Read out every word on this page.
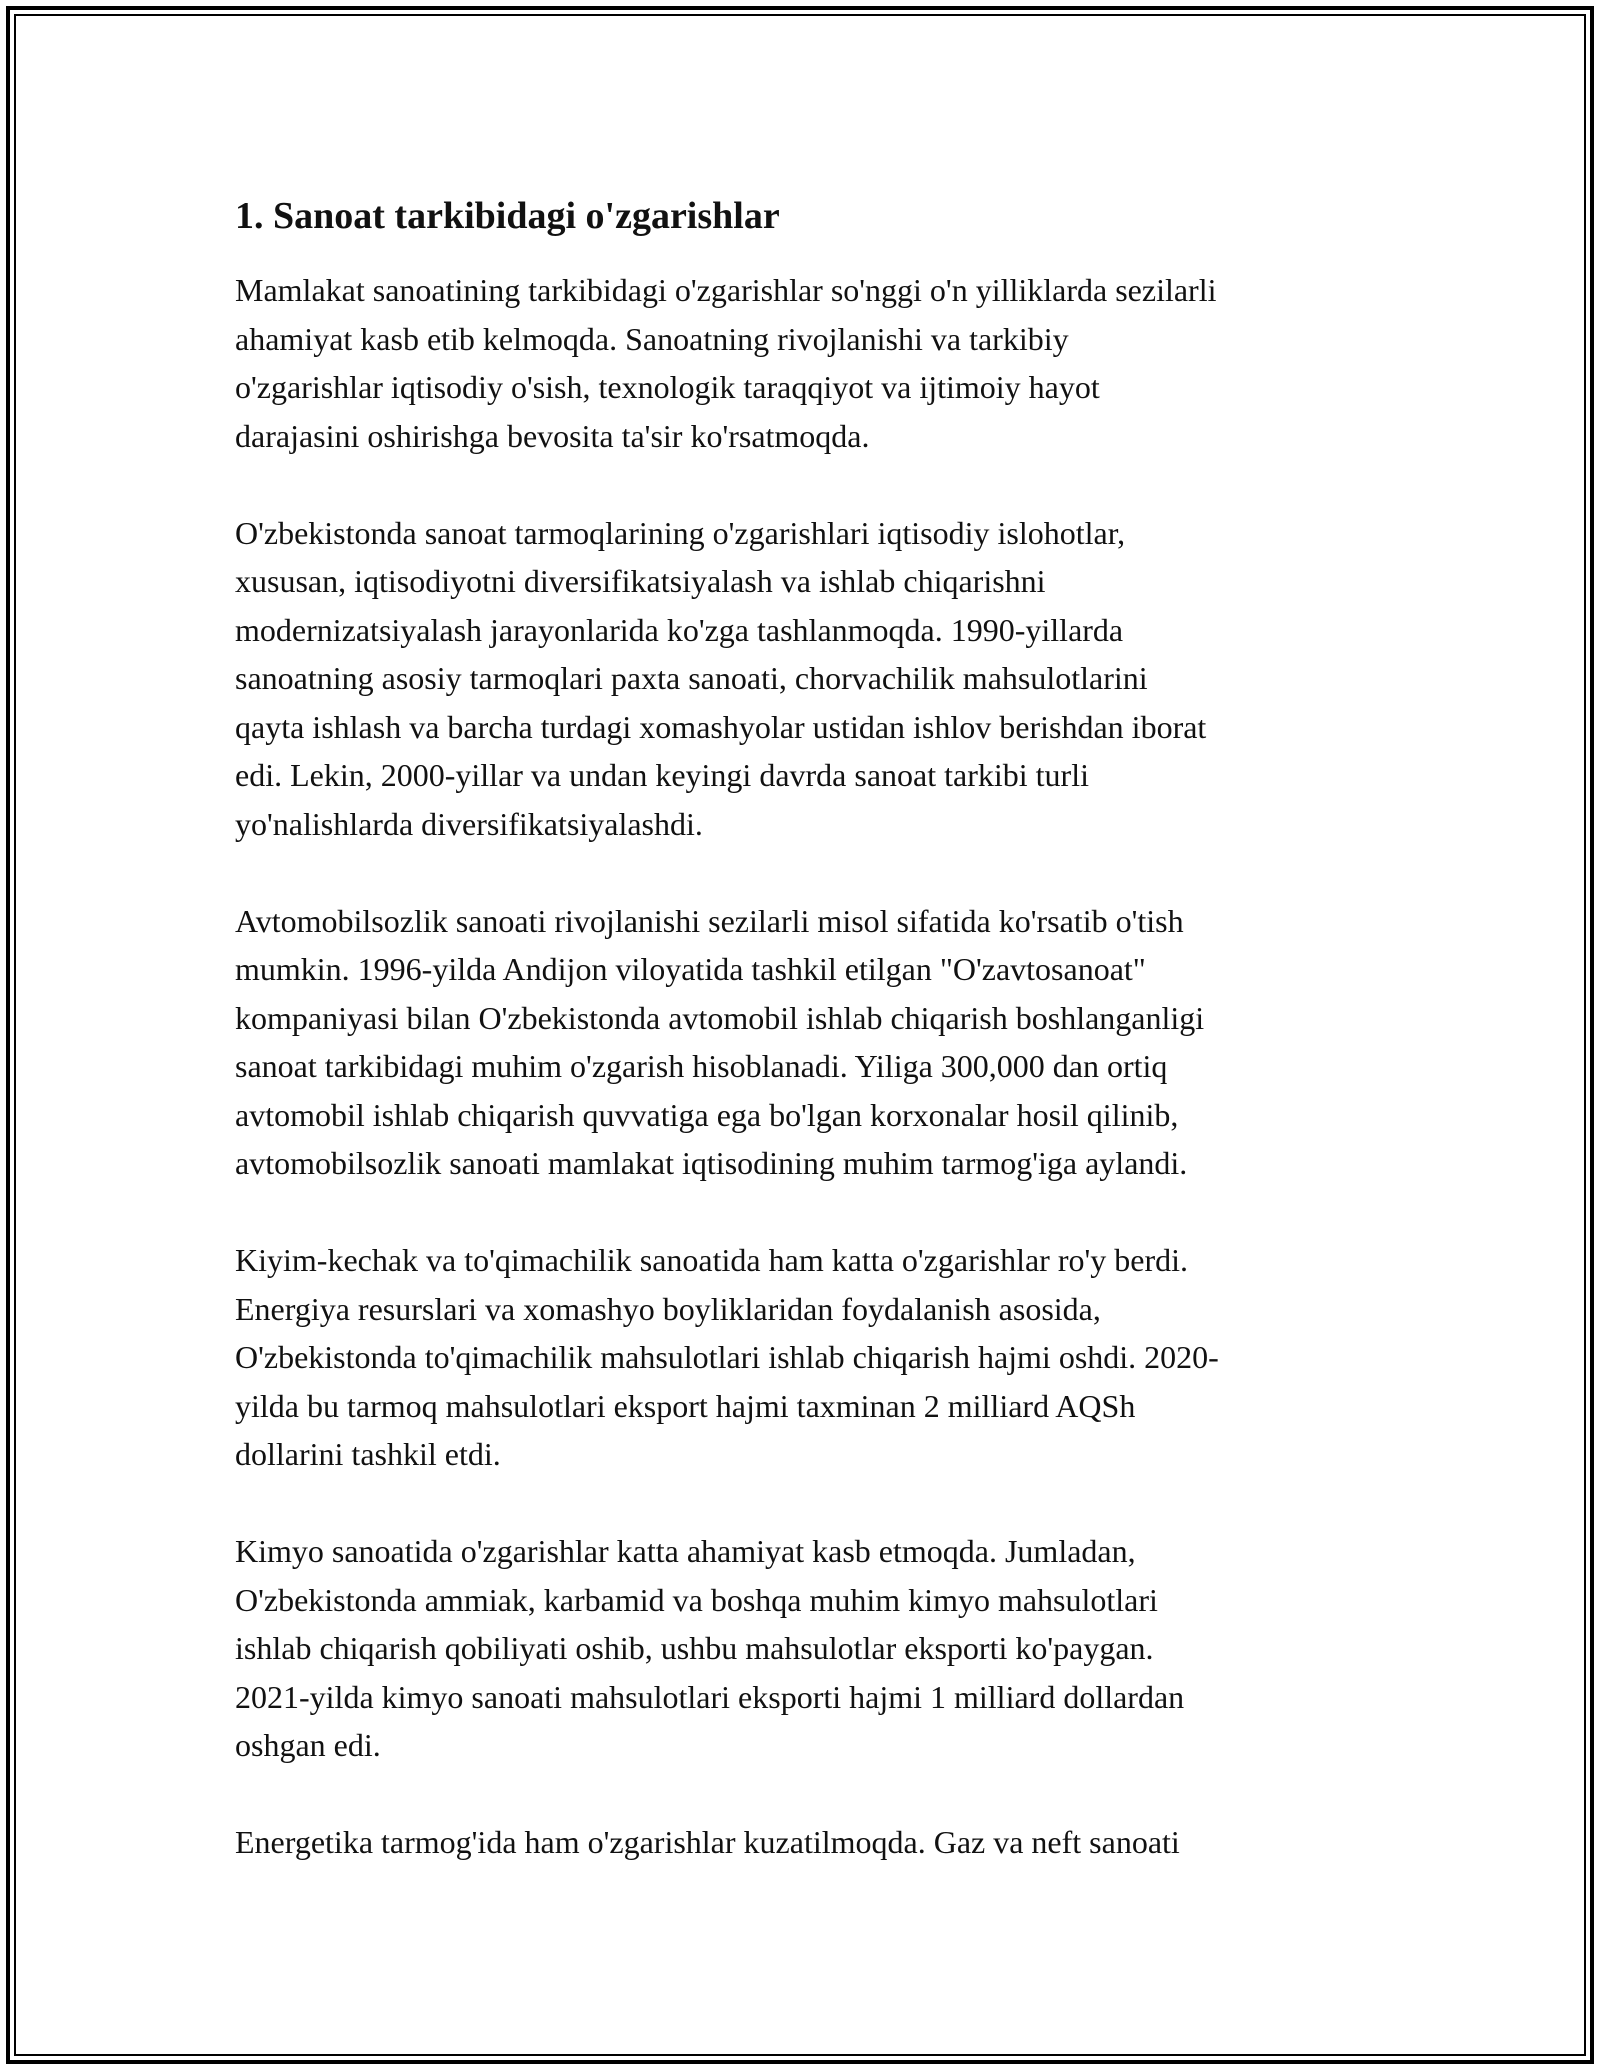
1. Sanoat tarkibidagi o'zgarishlar
Mamlakat sanoatining tarkibidagi o'zgarishlar so'nggi o'n yilliklarda sezilarli
ahamiyat kasb etib kelmoqda. Sanoatning rivojlanishi va tarkibiy
o'zgarishlar iqtisodiy o'sish, texnologik taraqqiyot va ijtimoiy hayot
darajasini oshirishga bevosita ta'sir ko'rsatmoqda.
O'zbekistonda sanoat tarmoqlarining o'zgarishlari iqtisodiy islohotlar,
xususan, iqtisodiyotni diversifikatsiyalash va ishlab chiqarishni
modernizatsiyalash jarayonlarida ko'zga tashlanmoqda. 1990-yillarda
sanoatning asosiy tarmoqlari paxta sanoati, chorvachilik mahsulotlarini
qayta ishlash va barcha turdagi xomashyolar ustidan ishlov berishdan iborat
edi. Lekin, 2000-yillar va undan keyingi davrda sanoat tarkibi turli
yo'nalishlarda diversifikatsiyalashdi.
Avtomobilsozlik sanoati rivojlanishi sezilarli misol sifatida ko'rsatib o'tish
mumkin. 1996-yilda Andijon viloyatida tashkil etilgan "O'zavtosanoat"
kompaniyasi bilan O'zbekistonda avtomobil ishlab chiqarish boshlanganligi
sanoat tarkibidagi muhim o'zgarish hisoblanadi. Yiliga 300,000 dan ortiq
avtomobil ishlab chiqarish quvvatiga ega bo'lgan korxonalar hosil qilinib,
avtomobilsozlik sanoati mamlakat iqtisodining muhim tarmog'iga aylandi.
Kiyim-kechak va to'qimachilik sanoatida ham katta o'zgarishlar ro'y berdi.
Energiya resurslari va xomashyo boyliklaridan foydalanish asosida,
O'zbekistonda to'qimachilik mahsulotlari ishlab chiqarish hajmi oshdi. 2020-
yilda bu tarmoq mahsulotlari eksport hajmi taxminan 2 milliard AQSh
dollarini tashkil etdi.
Kimyo sanoatida o'zgarishlar katta ahamiyat kasb etmoqda. Jumladan,
O'zbekistonda ammiak, karbamid va boshqa muhim kimyo mahsulotlari
ishlab chiqarish qobiliyati oshib, ushbu mahsulotlar eksporti ko'paygan.
2021-yilda kimyo sanoati mahsulotlari eksporti hajmi 1 milliard dollardan
oshgan edi.
Energetika tarmog'ida ham o'zgarishlar kuzatilmoqda. Gaz va neft sanoati
